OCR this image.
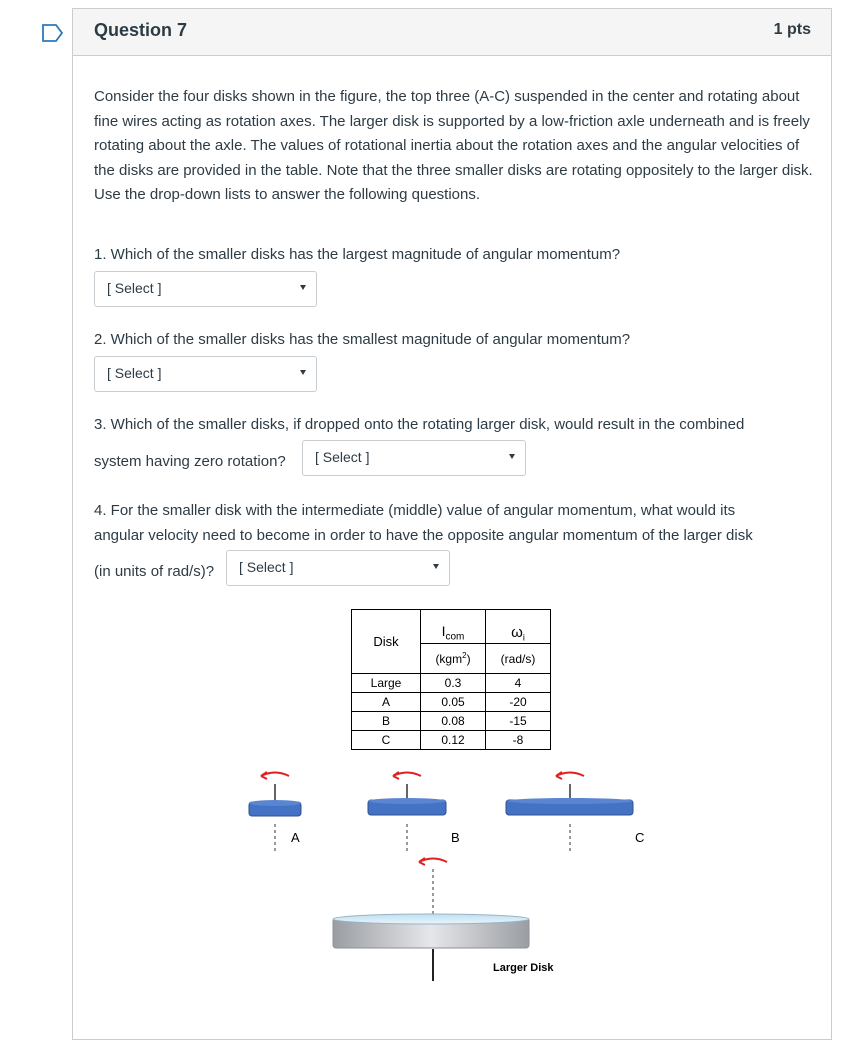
Question 7	1 pts
Consider the four disks shown in the figure, the top three (A-C) suspended in the center and rotating about fine wires acting as rotation axes. The larger disk is supported by a low-friction axle underneath and is freely rotating about the axle. The values of rotational inertia about the rotation axes and the angular velocities of the disks are provided in the table. Note that the three smaller disks are rotating oppositely to the larger disk. Use the drop-down lists to answer the following questions.
1. Which of the smaller disks has the largest magnitude of angular momentum?
[ Select ]
2. Which of the smaller disks has the smallest magnitude of angular momentum?
[ Select ]
3. Which of the smaller disks, if dropped onto the rotating larger disk, would result in the combined
system having zero rotation? [ Select ]
4. For the smaller disk with the intermediate (middle) value of angular momentum, what would its
angular velocity need to become in order to have the opposite angular momentum of the larger disk
(in units of rad/s)? [ Select ]
Disk	$I_{com}$	$\omega_i$
	(kgm$^2$)	(rad/s)
Large	0.3	4
A	0.05	-20
B	0.08	-15
C	0.12	-8
A	B	C
Larger Disk
